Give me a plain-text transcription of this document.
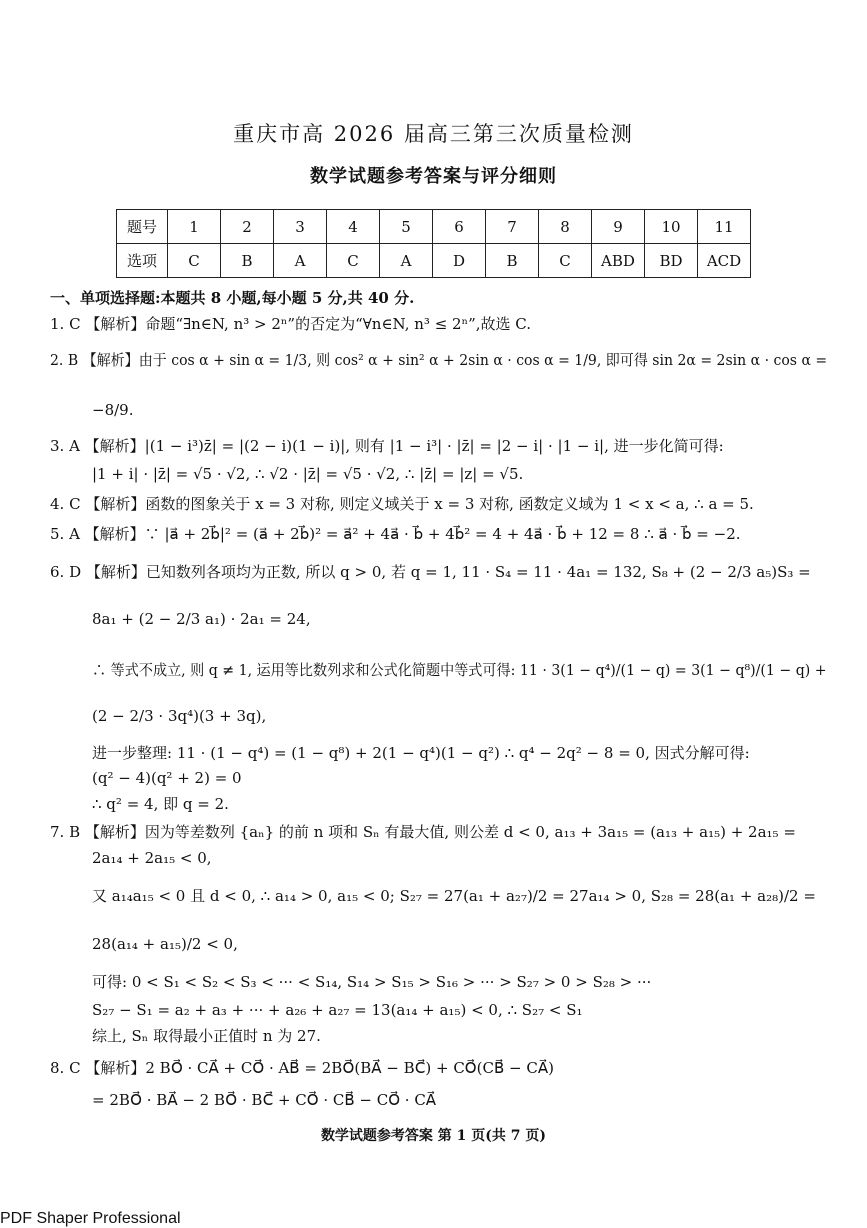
重庆市高 2026 届高三第三次质量检测
数学试题参考答案与评分细则
题号	1	2	3	4	5	6	7	8	9	10	11
选项	C	B	A	C	A	D	B	C	ABD	BD	ACD
一、单项选择题:本题共 8 小题,每小题 5 分,共 40 分.
1. C 【解析】命题“∃n∈N, n³ > 2ⁿ”的否定为“∀n∈N, n³ ≤ 2ⁿ”,故选 C.
2. B 【解析】由于 cos α + sin α = 1/3, 则 cos² α + sin² α + 2sin α · cos α = 1/9, 即可得 sin 2α = 2sin α · cos α =
−8/9.
3. A 【解析】|(1 − i³)z̄| = |(2 − i)(1 − i)|, 则有 |1 − i³| · |z̄| = |2 − i| · |1 − i|, 进一步化简可得:
|1 + i| · |z̄| = √5 · √2, ∴ √2 · |z̄| = √5 · √2, ∴ |z̄| = |z| = √5.
4. C 【解析】函数的图象关于 x = 3 对称, 则定义域关于 x = 3 对称, 函数定义域为 1 < x < a, ∴ a = 5.
5. A 【解析】∵ |a⃗ + 2b⃗|² = (a⃗ + 2b⃗)² = a⃗² + 4a⃗ · b⃗ + 4b⃗² = 4 + 4a⃗ · b⃗ + 12 = 8 ∴ a⃗ · b⃗ = −2.
6. D 【解析】已知数列各项均为正数, 所以 q > 0, 若 q = 1, 11 · S₄ = 11 · 4a₁ = 132, S₈ + (2 − 2/3 a₅)S₃ =
8a₁ + (2 − 2/3 a₁) · 2a₁ = 24,
∴ 等式不成立, 则 q ≠ 1, 运用等比数列求和公式化简题中等式可得: 11 · 3(1 − q⁴)/(1 − q) = 3(1 − q⁸)/(1 − q) +
(2 − 2/3 · 3q⁴)(3 + 3q),
进一步整理: 11 · (1 − q⁴) = (1 − q⁸) + 2(1 − q⁴)(1 − q²) ∴ q⁴ − 2q² − 8 = 0, 因式分解可得:
(q² − 4)(q² + 2) = 0
∴ q² = 4, 即 q = 2.
7. B 【解析】因为等差数列 {aₙ} 的前 n 项和 Sₙ 有最大值, 则公差 d < 0, a₁₃ + 3a₁₅ = (a₁₃ + a₁₅) + 2a₁₅ =
2a₁₄ + 2a₁₅ < 0,
又 a₁₄a₁₅ < 0 且 d < 0, ∴ a₁₄ > 0, a₁₅ < 0; S₂₇ = 27(a₁ + a₂₇)/2 = 27a₁₄ > 0, S₂₈ = 28(a₁ + a₂₈)/2 =
28(a₁₄ + a₁₅)/2 < 0,
可得: 0 < S₁ < S₂ < S₃ < ··· < S₁₄, S₁₄ > S₁₅ > S₁₆ > ··· > S₂₇ > 0 > S₂₈ > ···
S₂₇ − S₁ = a₂ + a₃ + ··· + a₂₆ + a₂₇ = 13(a₁₄ + a₁₅) < 0, ∴ S₂₇ < S₁
综上, Sₙ 取得最小正值时 n 为 27.
8. C 【解析】2 BO⃗ · CA⃗ + CO⃗ · AB⃗ = 2BO⃗(BA⃗ − BC⃗) + CO⃗(CB⃗ − CA⃗)
= 2BO⃗ · BA⃗ − 2 BO⃗ · BC⃗ + CO⃗ · CB⃗ − CO⃗ · CA⃗
数学试题参考答案 第 1 页(共 7 页)
PDF Shaper Professional
